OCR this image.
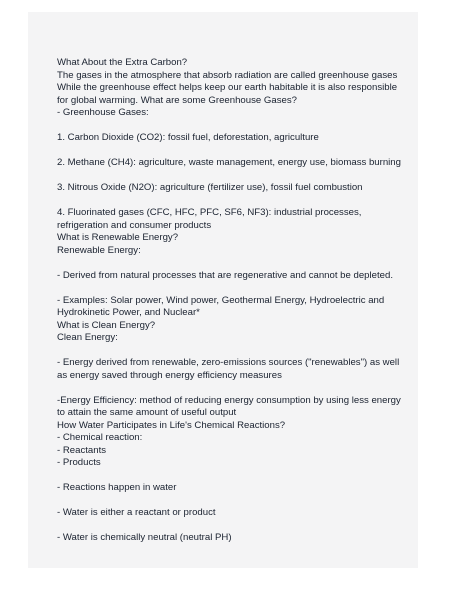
What About the Extra Carbon?
The gases in the atmosphere that absorb radiation are called greenhouse gases
While the greenhouse effect helps keep our earth habitable it is also responsible
for global warming. What are some Greenhouse Gases?
- Greenhouse Gases:
1. Carbon Dioxide (CO2): fossil fuel, deforestation, agriculture
2. Methane (CH4): agriculture, waste management, energy use, biomass burning
3. Nitrous Oxide (N2O): agriculture (fertilizer use), fossil fuel combustion
4. Fluorinated gases (CFC, HFC, PFC, SF6, NF3): industrial processes,
refrigeration and consumer products
What is Renewable Energy?
Renewable Energy:
- Derived from natural processes that are regenerative and cannot be depleted.
- Examples: Solar power, Wind power, Geothermal Energy, Hydroelectric and
Hydrokinetic Power, and Nuclear*
What is Clean Energy?
Clean Energy:
- Energy derived from renewable, zero-emissions sources ("renewables") as well
as energy saved through energy efficiency measures
-Energy Efficiency: method of reducing energy consumption by using less energy
to attain the same amount of useful output
How Water Participates in Life's Chemical Reactions?
- Chemical reaction:
- Reactants
- Products
- Reactions happen in water
- Water is either a reactant or product
- Water is chemically neutral (neutral PH)
